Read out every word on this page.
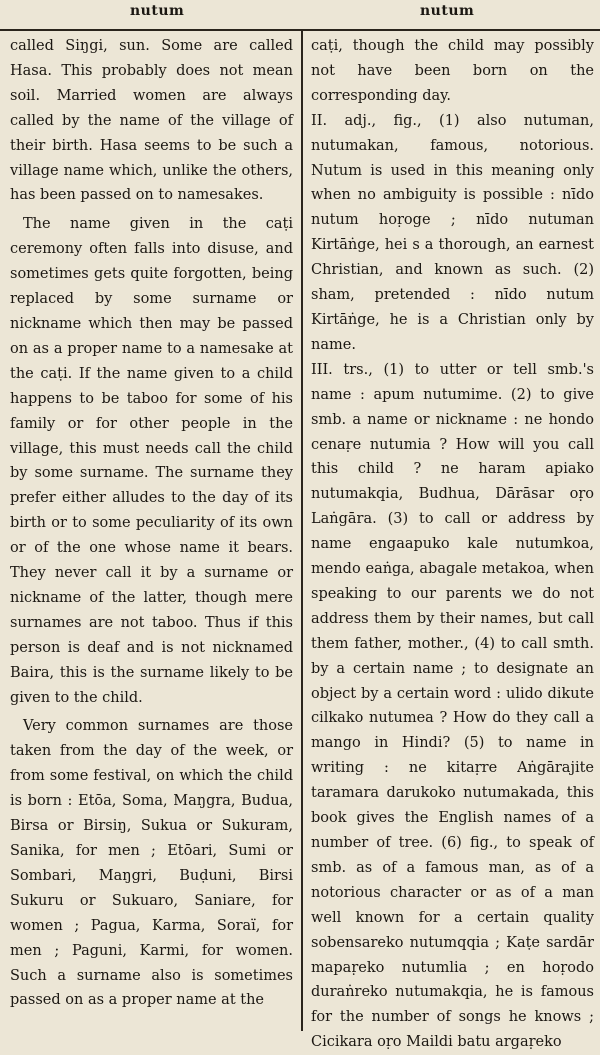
nutum	nutum

called Siŋgi, sun. Some are called Hasa. This probably does not mean soil. Married women are always called by the name of the village of their birth. Hasa seems to be such a village name which, unlike the others, has been passed on to namesakes.

The name given in the caṭi ceremony often falls into disuse, and sometimes gets quite forgotten, being replaced by some surname or nickname which then may be passed on as a proper name to a namesake at the caṭi. If the name given to a child happens to be taboo for some of his family or for other people in the village, this must needs call the child by some surname. The surname they prefer either alludes to the day of its birth or to some peculiarity of its own or of the one whose name it bears. They never call it by a surname or nickname of the latter, though mere surnames are not taboo. Thus if this person is deaf and is not nicknamed Baira, this is the surname likely to be given to the child.

Very common surnames are those taken from the day of the week, or from some festival, on which the child is born : Etōa, Soma, Maŋgra, Budua, Birsa or Birsiŋ, Sukua or Sukuram, Sanika, for men ; Etōari, Sumi or Sombari, Maŋgri, Buḍuni, Birsi Sukuru or Sukuaro, Saniare, for women ; Pagua, Karma, Soraï, for men ; Paguni, Karmi, for women. Such a surname also is sometimes passed on as a proper name at the

caṭi, though the child may possibly not have been born on the corresponding day.

II. adj., fig., (1) also nutuman, nutumakan, famous, notorious. Nutum is used in this meaning only when no ambiguity is possible : nīdo nutum hoṛoge ; nīdo nutuman Kirtāṅge, hei s a thorough, an earnest Christian, and known as such. (2) sham, pretended : nīdo nutum Kirtāṅge, he is a Christian only by name.

III. trs., (1) to utter or tell smb.'s name : apum nutumime. (2) to give smb. a name or nickname : ne hondo cenaṛe nutumia ? How will you call this child ? ne haram apiako nutumakqia, Budhua, Dārāsar oṛo Laṅgāra. (3) to call or address by name engaapuko kale nutumkoa, mendo eaṅga, abagale metakoa, when speaking to our parents we do not address them by their names, but call them father, mother., (4) to call smth. by a certain name ; to designate an object by a certain word : ulido dikute cilkako nutumea ? How do they call a mango in Hindi? (5) to name in writing : ne kitaṛre Aṅgārajite taramara darukoko nutumakada, this book gives the English names of a number of tree. (6) fig., to speak of smb. as of a famous man, as of a notorious character or as of a man well known for a certain quality sobensareko nutumqqia ; Kaṭe sardār mapaṛeko nutumlia ; en hoṛodo duraṅreko nutumakqia, he is famous for the number of songs he knows ; Cicikara oṛo Maildi batu argaṛeko
